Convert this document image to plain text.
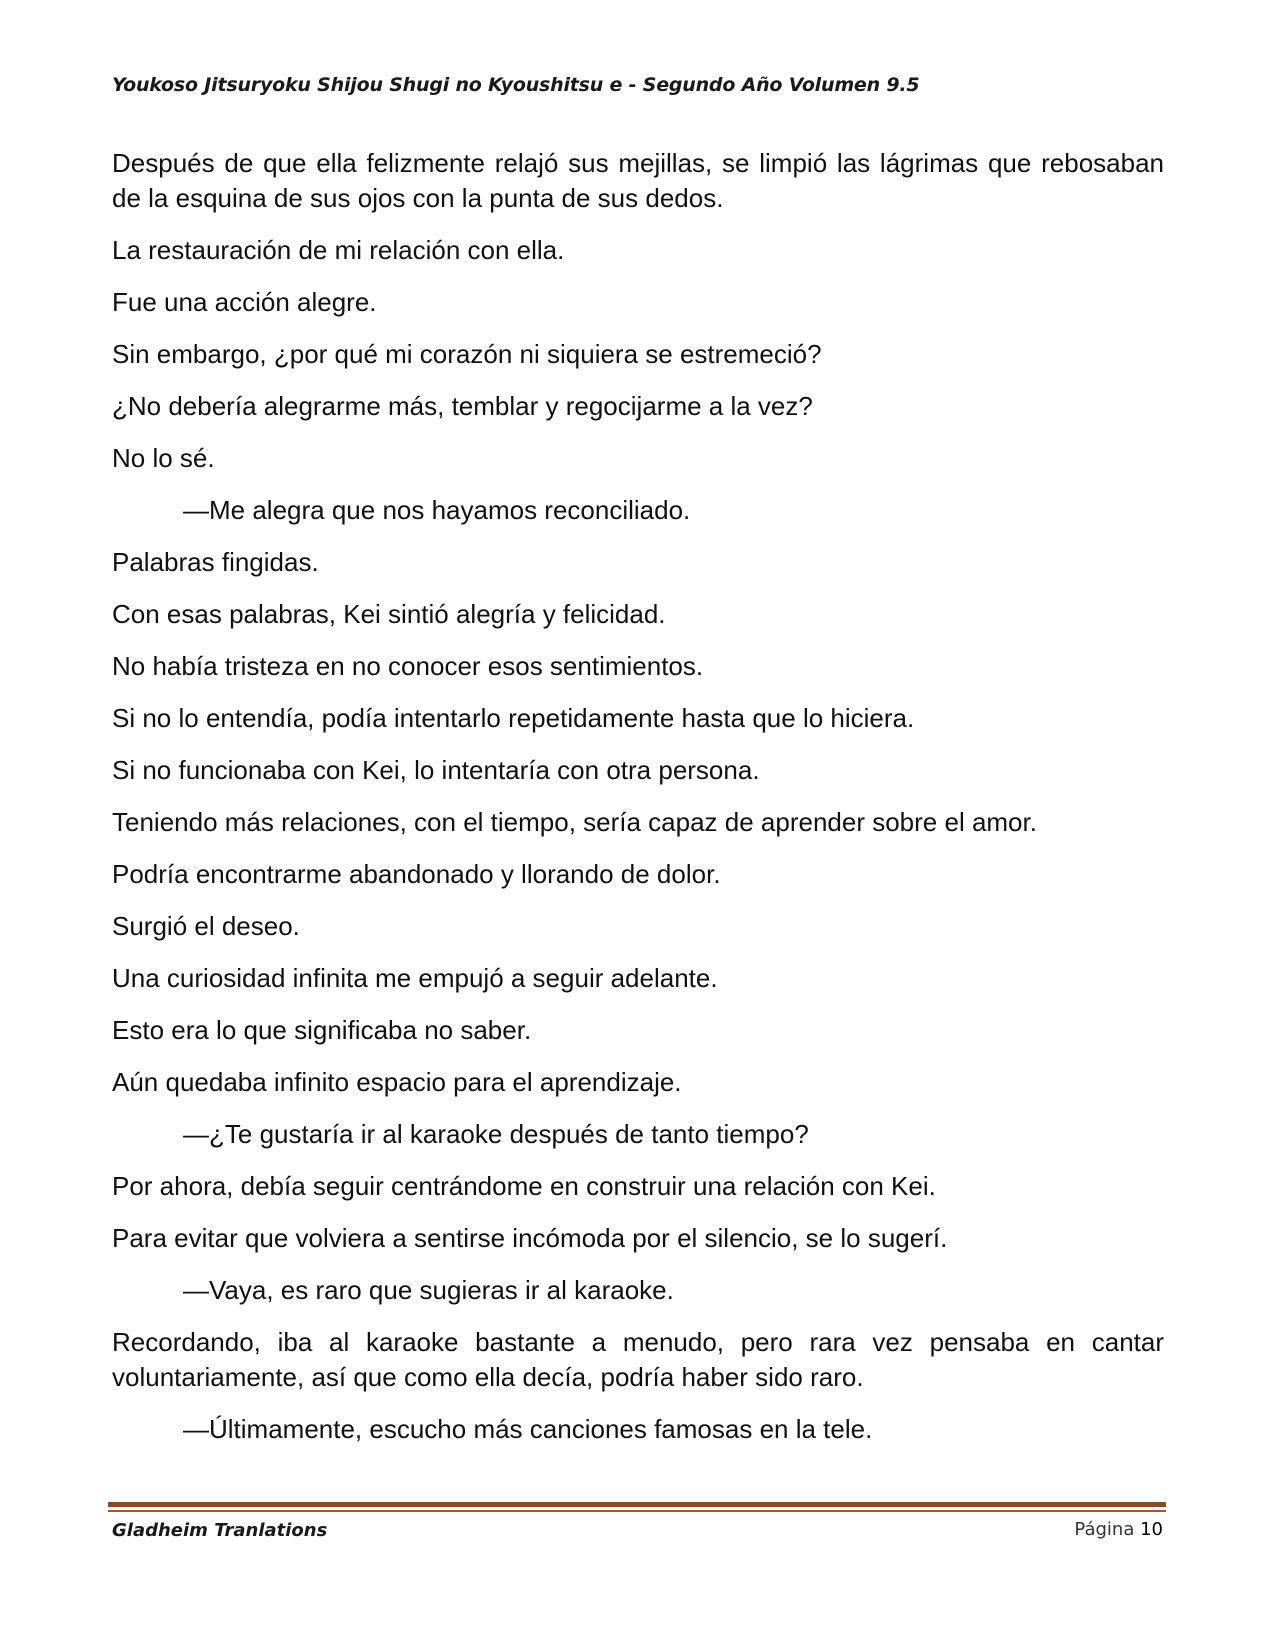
Youkoso Jitsuryoku Shijou Shugi no Kyoushitsu e - Segundo Año Volumen 9.5

Después de que ella felizmente relajó sus mejillas, se limpió las lágrimas que rebosaban de la esquina de sus ojos con la punta de sus dedos.

La restauración de mi relación con ella.

Fue una acción alegre.

Sin embargo, ¿por qué mi corazón ni siquiera se estremeció?

¿No debería alegrarme más, temblar y regocijarme a la vez?

No lo sé.

—Me alegra que nos hayamos reconciliado.

Palabras fingidas.

Con esas palabras, Kei sintió alegría y felicidad.

No había tristeza en no conocer esos sentimientos.

Si no lo entendía, podía intentarlo repetidamente hasta que lo hiciera.

Si no funcionaba con Kei, lo intentaría con otra persona.

Teniendo más relaciones, con el tiempo, sería capaz de aprender sobre el amor.

Podría encontrarme abandonado y llorando de dolor.

Surgió el deseo.

Una curiosidad infinita me empujó a seguir adelante.

Esto era lo que significaba no saber.

Aún quedaba infinito espacio para el aprendizaje.

—¿Te gustaría ir al karaoke después de tanto tiempo?

Por ahora, debía seguir centrándome en construir una relación con Kei.

Para evitar que volviera a sentirse incómoda por el silencio, se lo sugerí.

—Vaya, es raro que sugieras ir al karaoke.

Recordando, iba al karaoke bastante a menudo, pero rara vez pensaba en cantar voluntariamente, así que como ella decía, podría haber sido raro.

—Últimamente, escucho más canciones famosas en la tele.

Gladheim Tranlations	Página 10
